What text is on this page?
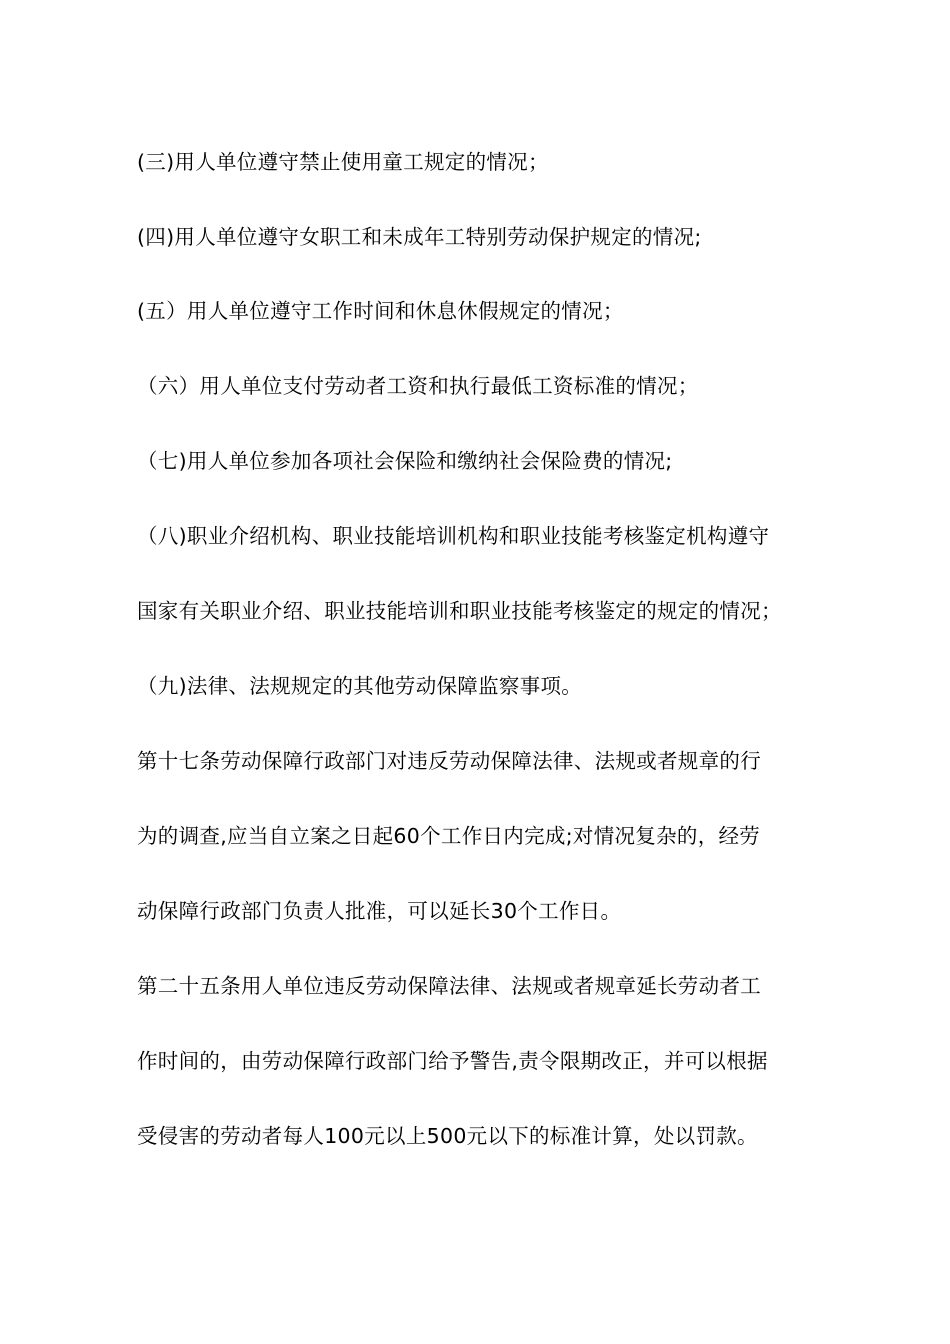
(三)用人单位遵守禁止使用童工规定的情况；
(四)用人单位遵守女职工和未成年工特别劳动保护规定的情况;
(五）用人单位遵守工作时间和休息休假规定的情况；
（六）用人单位支付劳动者工资和执行最低工资标准的情况；
（七)用人单位参加各项社会保险和缴纳社会保险费的情况;
（八)职业介绍机构、职业技能培训机构和职业技能考核鉴定机构遵守
国家有关职业介绍、职业技能培训和职业技能考核鉴定的规定的情况；
（九)法律、法规规定的其他劳动保障监察事项。
第十七条劳动保障行政部门对违反劳动保障法律、法规或者规章的行
为的调查,应当自立案之日起60个工作日内完成;对情况复杂的，经劳
动保障行政部门负责人批准，可以延长30个工作日。
第二十五条用人单位违反劳动保障法律、法规或者规章延长劳动者工
作时间的，由劳动保障行政部门给予警告,责令限期改正，并可以根据
受侵害的劳动者每人100元以上500元以下的标准计算，处以罚款。
